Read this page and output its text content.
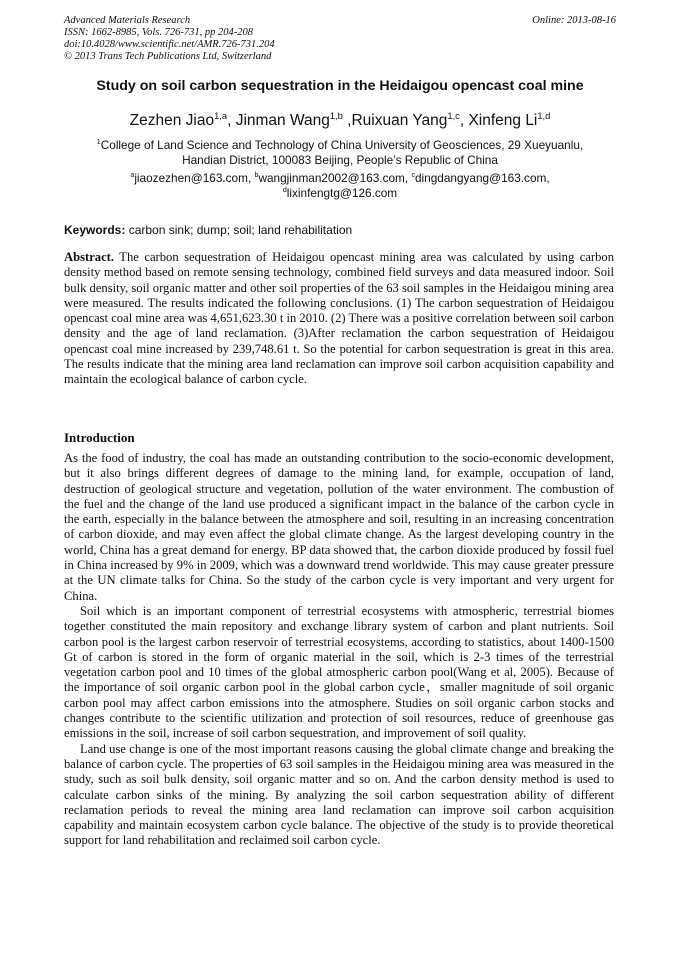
Advanced Materials Research
ISSN: 1662-8985, Vols. 726-731, pp 204-208
doi:10.4028/www.scientific.net/AMR.726-731.204
© 2013 Trans Tech Publications Ltd, Switzerland
Online: 2013-08-16
Study on soil carbon sequestration in the Heidaigou opencast coal mine
Zezhen Jiao$^{1,a}$, Jinman Wang$^{1,b}$ ,Ruixuan Yang$^{1,c}$, Xinfeng Li$^{1,d}$
$^1$College of Land Science and Technology of China University of Geosciences, 29 Xueyuanlu,
Handian District, 100083 Beijing, People’s Republic of China
$^a$jiaozezhen@163.com, $^b$wangjinman2002@163.com, $^c$dingdangyang@163.com,
$^d$lixinfengtg@126.com
Keywords: carbon sink; dump; soil; land rehabilitation
Abstract. The carbon sequestration of Heidaigou opencast mining area was calculated by using carbon density method based on remote sensing technology, combined field surveys and data measured indoor. Soil bulk density, soil organic matter and other soil properties of the 63 soil samples in the Heidaigou mining area were measured. The results indicated the following conclusions. (1) The carbon sequestration of Heidaigou opencast coal mine area was 4,651,623.30 t in 2010. (2) There was a positive correlation between soil carbon density and the age of land reclamation. (3)After reclamation the carbon sequestration of Heidaigou opencast coal mine increased by 239,748.61 t. So the potential for carbon sequestration is great in this area. The results indicate that the mining area land reclamation can improve soil carbon acquisition capability and maintain the ecological balance of carbon cycle.
Introduction

As the food of industry, the coal has made an outstanding contribution to the socio-economic development, but it also brings different degrees of damage to the mining land, for example, occupation of land, destruction of geological structure and vegetation, pollution of the water environment. The combustion of the fuel and the change of the land use produced a significant impact in the balance of the carbon cycle in the earth, especially in the balance between the atmosphere and soil, resulting in an increasing concentration of carbon dioxide, and may even affect the global climate change. As the largest developing country in the world, China has a great demand for energy. BP data showed that, the carbon dioxide produced by fossil fuel in China increased by 9% in 2009, which was a downward trend worldwide. This may cause greater pressure at the UN climate talks for China. So the study of the carbon cycle is very important and very urgent for China.

Soil which is an important component of terrestrial ecosystems with atmospheric, terrestrial biomes together constituted the main repository and exchange library system of carbon and plant nutrients. Soil carbon pool is the largest carbon reservoir of terrestrial ecosystems, according to statistics, about 1400-1500 Gt of carbon is stored in the form of organic material in the soil, which is 2-3 times of the terrestrial vegetation carbon pool and 10 times of the global atmospheric carbon pool(Wang et al, 2005). Because of the importance of soil organic carbon pool in the global carbon cycle，smaller magnitude of soil organic carbon pool may affect carbon emissions into the atmosphere. Studies on soil organic carbon stocks and changes contribute to the scientific utilization and protection of soil resources, reduce of greenhouse gas emissions in the soil, increase of soil carbon sequestration, and improvement of soil quality.

Land use change is one of the most important reasons causing the global climate change and breaking the balance of carbon cycle. The properties of 63 soil samples in the Heidaigou mining area was measured in the study, such as soil bulk density, soil organic matter and so on. And the carbon density method is used to calculate carbon sinks of the mining. By analyzing the soil carbon sequestration ability of different reclamation periods to reveal the mining area land reclamation can improve soil carbon acquisition capability and maintain ecosystem carbon cycle balance. The objective of the study is to provide theoretical support for land rehabilitation and reclaimed soil carbon cycle.
